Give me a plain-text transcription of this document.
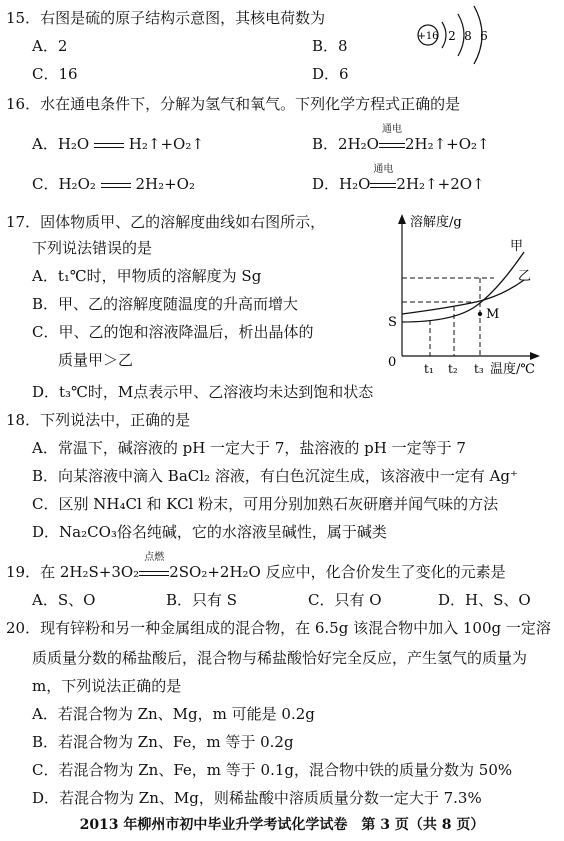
15．右图是硫的原子结构示意图，其核电荷数为
A．2	B．8
C．16	D．6
+16 2 8 6
16．水在通电条件下，分解为氢气和氧气。下列化学方程式正确的是
A．H₂O	H₂↑+O₂↑	B．2H₂O
通电
2H₂↑+O₂↑
C．H₂O₂	2H₂+O₂	D．H₂O
通电
2H₂↑+2O↑
17．固体物质甲、乙的溶解度曲线如右图所示，
下列说法错误的是
A．t₁℃时，甲物质的溶解度为 Sg
B．甲、乙的溶解度随温度的升高而增大
C．甲、乙的饱和溶液降温后，析出晶体的
质量甲＞乙
D．t₃℃时，M点表示甲、乙溶液均未达到饱和状态
溶解度/g
温度/℃
0
甲
乙
M
S
t₁ t₂ t₃
18．下列说法中，正确的是
A．常温下，碱溶液的 pH 一定大于 7，盐溶液的 pH 一定等于 7
B．向某溶液中滴入 BaCl₂ 溶液，有白色沉淀生成，该溶液中一定有 Ag⁺
C．区别 NH₄Cl 和 KCl 粉末，可用分别加熟石灰研磨并闻气味的方法
D．Na₂CO₃俗名纯碱，它的水溶液呈碱性，属于碱类
19．在 2H₂S+3O₂
点燃
2SO₂+2H₂O 反应中，化合价发生了变化的元素是
A．S、O	B．只有 S	C．只有 O	D．H、S、O
20．现有锌粉和另一种金属组成的混合物，在 6.5g 该混合物中加入 100g 一定溶
质质量分数的稀盐酸后，混合物与稀盐酸恰好完全反应，产生氢气的质量为
m，下列说法正确的是
A．若混合物为 Zn、Mg，m 可能是 0.2g
B．若混合物为 Zn、Fe，m 等于 0.2g
C．若混合物为 Zn、Fe，m 等于 0.1g，混合物中铁的质量分数为 50%
D．若混合物为 Zn、Mg，则稀盐酸中溶质质量分数一定大于 7.3%
2013 年柳州市初中毕业升学考试化学试卷　第 3 页（共 8 页）
